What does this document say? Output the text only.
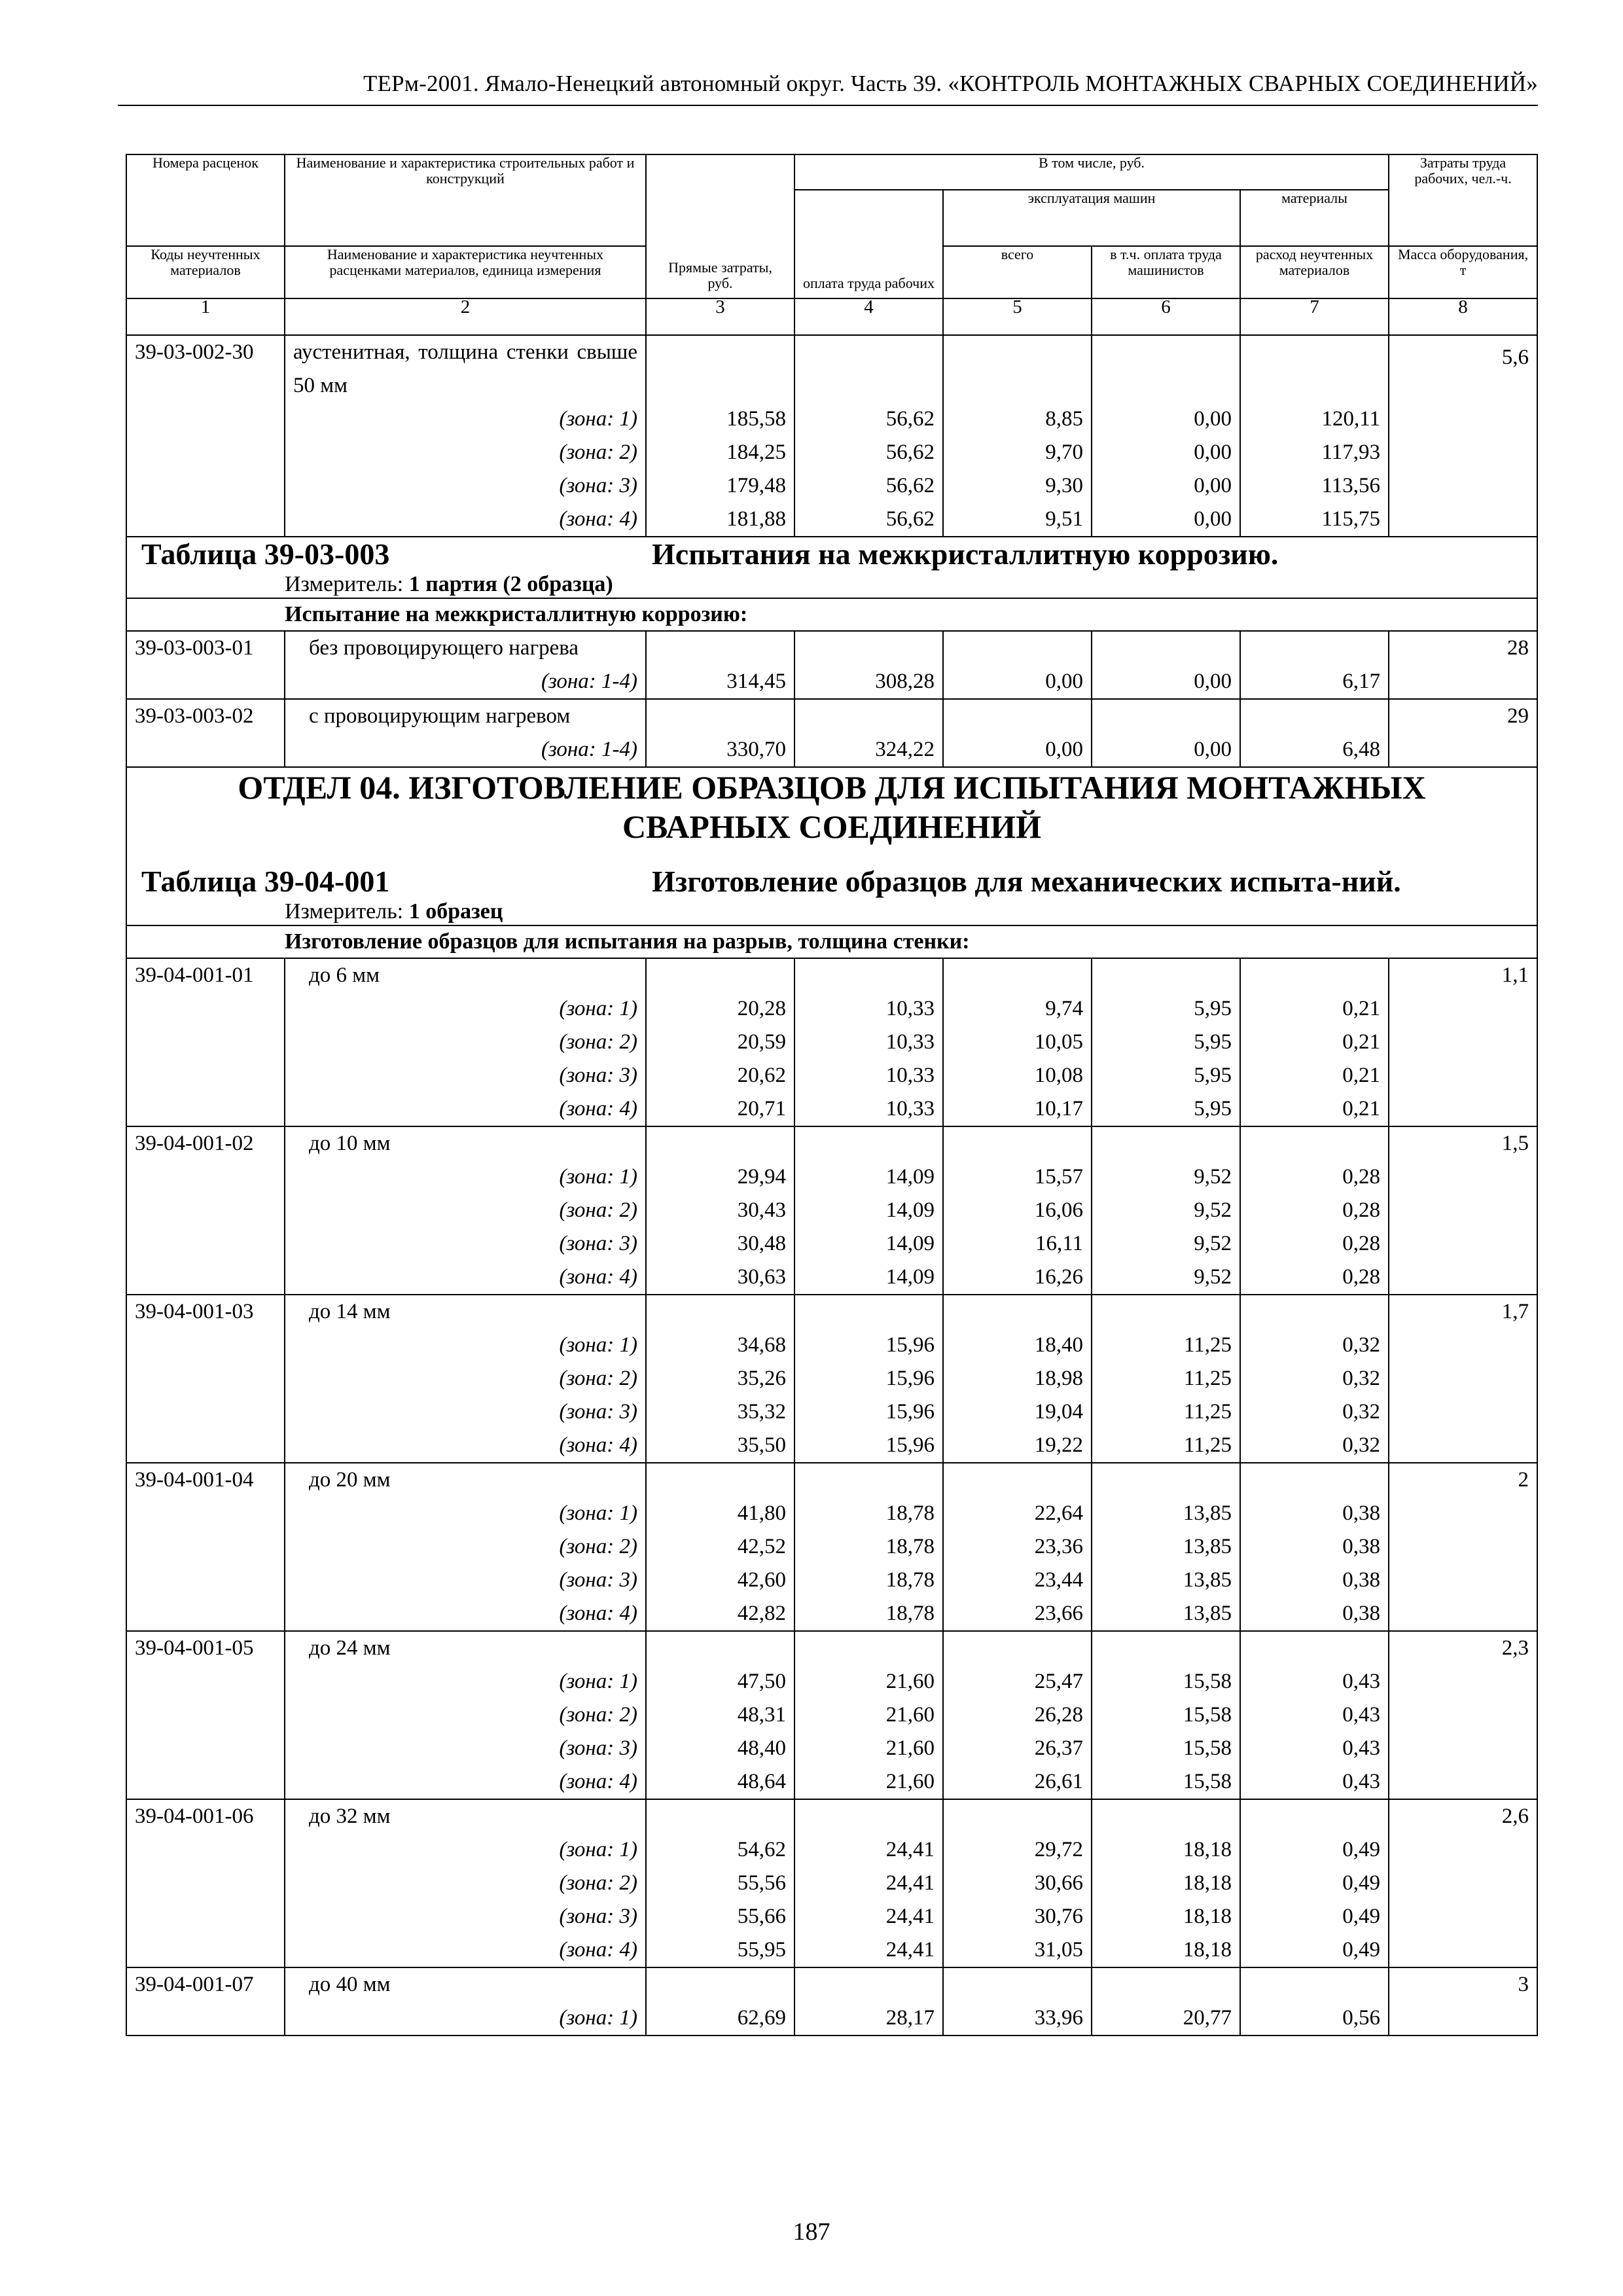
ТЕРм-2001. Ямало-Ненецкий автономный округ. Часть 39. «КОНТРОЛЬ МОНТАЖНЫХ СВАРНЫХ СОЕДИНЕНИЙ»
Номера расценок	Наименование и характеристика строительных работ и конструкций	Прямые затраты, руб.	В том числе, руб.				Затраты труда рабочих, чел.-ч.
			оплата труда рабочих	эксплуатация машин		материалы	
Коды неучтенных материалов	Наименование и характеристика неучтенных расценками материалов, единица измерения			всего	в т.ч. оплата труда машинистов	расход неучтенных материалов	Масса оборудования, т
1	2	3	4	5	6	7	8
39-03-002-30	аустенитная, толщина стенки свыше 50 мм						5,6
	(зона: 1)	185,58	56,62	8,85	0,00	120,11	
	(зона: 2)	184,25	56,62	9,70	0,00	117,93	
	(зона: 3)	179,48	56,62	9,30	0,00	113,56	
	(зона: 4)	181,88	56,62	9,51	0,00	115,75	

Таблица 39-03-003 Испытания на межкристаллитную коррозию.							

	Измеритель: 1 партия (2 образца)						
	Испытание на межкристаллитную коррозию:						
39-03-003-01	без провоцирующего нагрева						28
	(зона: 1-4)	314,45	308,28	0,00	0,00	6,17	
39-03-003-02	с провоцирующим нагревом						29
	(зона: 1-4)	330,70	324,22	0,00	0,00	6,48	
ОТДЕЛ 04. ИЗГОТОВЛЕНИЕ ОБРАЗЦОВ ДЛЯ ИСПЫТАНИЯ МОНТАЖНЫХ СВАРНЫХ СОЕДИНЕНИЙ							

Таблица 39-04-001 Изготовление образцов для механических испыта-ний.							

	Измеритель: 1 образец						
	Изготовление образцов для испытания на разрыв, толщина стенки:						
39-04-001-01	до 6 мм						1,1
	(зона: 1)	20,28	10,33	9,74	5,95	0,21	
	(зона: 2)	20,59	10,33	10,05	5,95	0,21	
	(зона: 3)	20,62	10,33	10,08	5,95	0,21	
	(зона: 4)	20,71	10,33	10,17	5,95	0,21	
39-04-001-02	до 10 мм						1,5
	(зона: 1)	29,94	14,09	15,57	9,52	0,28	
	(зона: 2)	30,43	14,09	16,06	9,52	0,28	
	(зона: 3)	30,48	14,09	16,11	9,52	0,28	
	(зона: 4)	30,63	14,09	16,26	9,52	0,28	
39-04-001-03	до 14 мм						1,7
	(зона: 1)	34,68	15,96	18,40	11,25	0,32	
	(зона: 2)	35,26	15,96	18,98	11,25	0,32	
	(зона: 3)	35,32	15,96	19,04	11,25	0,32	
	(зона: 4)	35,50	15,96	19,22	11,25	0,32	
39-04-001-04	до 20 мм						2
	(зона: 1)	41,80	18,78	22,64	13,85	0,38	
	(зона: 2)	42,52	18,78	23,36	13,85	0,38	
	(зона: 3)	42,60	18,78	23,44	13,85	0,38	
	(зона: 4)	42,82	18,78	23,66	13,85	0,38	
39-04-001-05	до 24 мм						2,3
	(зона: 1)	47,50	21,60	25,47	15,58	0,43	
	(зона: 2)	48,31	21,60	26,28	15,58	0,43	
	(зона: 3)	48,40	21,60	26,37	15,58	0,43	
	(зона: 4)	48,64	21,60	26,61	15,58	0,43	
39-04-001-06	до 32 мм						2,6
	(зона: 1)	54,62	24,41	29,72	18,18	0,49	
	(зона: 2)	55,56	24,41	30,66	18,18	0,49	
	(зона: 3)	55,66	24,41	30,76	18,18	0,49	
	(зона: 4)	55,95	24,41	31,05	18,18	0,49	
39-04-001-07	до 40 мм						3
	(зона: 1)	62,69	28,17	33,96	20,77	0,56	
187
